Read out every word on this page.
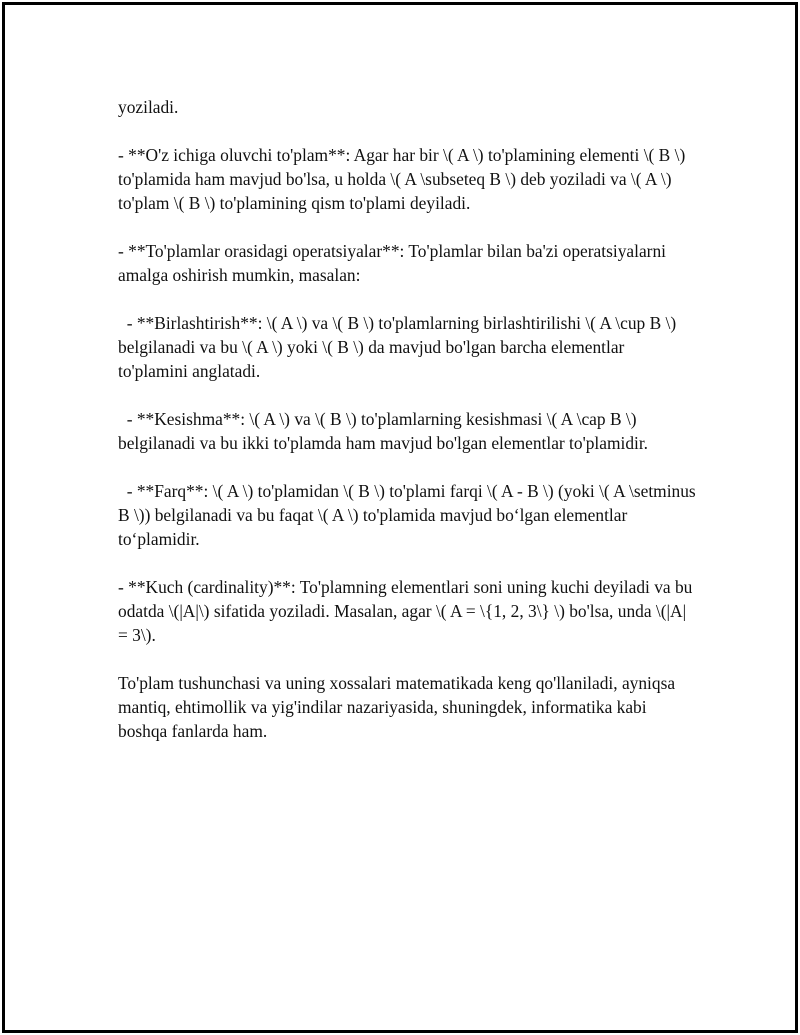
yoziladi.

- **O'z ichiga oluvchi to'plam**: Agar har bir \( A \) to'plamining elementi \( B \) to'plamida ham mavjud bo'lsa, u holda \( A \subseteq B \) deb yoziladi va \( A \) to'plam \( B \) to'plamining qism to'plami deyiladi.

- **To'plamlar orasidagi operatsiyalar**: To'plamlar bilan ba'zi operatsiyalarni amalga oshirish mumkin, masalan:

- **Birlashtirish**: \( A \) va \( B \) to'plamlarning birlashtirilishi \( A \cup B \) belgilanadi va bu \( A \) yoki \( B \) da mavjud bo'lgan barcha elementlar to'plamini anglatadi.

- **Kesishma**: \( A \) va \( B \) to'plamlarning kesishmasi \( A \cap B \) belgilanadi va bu ikki to'plamda ham mavjud bo'lgan elementlar to'plamidir.

- **Farq**: \( A \) to'plamidan \( B \) to'plami farqi \( A - B \) (yoki \( A \setminus B \)) belgilanadi va bu faqat \( A \) to'plamida mavjud bo‘lgan elementlar to‘plamidir.

- **Kuch (cardinality)**: To'plamning elementlari soni uning kuchi deyiladi va bu odatda \(|A|\) sifatida yoziladi. Masalan, agar \( A = \{1, 2, 3\} \) bo'lsa, unda \(|A| = 3\).

To'plam tushunchasi va uning xossalari matematikada keng qo'llaniladi, ayniqsa mantiq, ehtimollik va yig'indilar nazariyasida, shuningdek, informatika kabi boshqa fanlarda ham.
